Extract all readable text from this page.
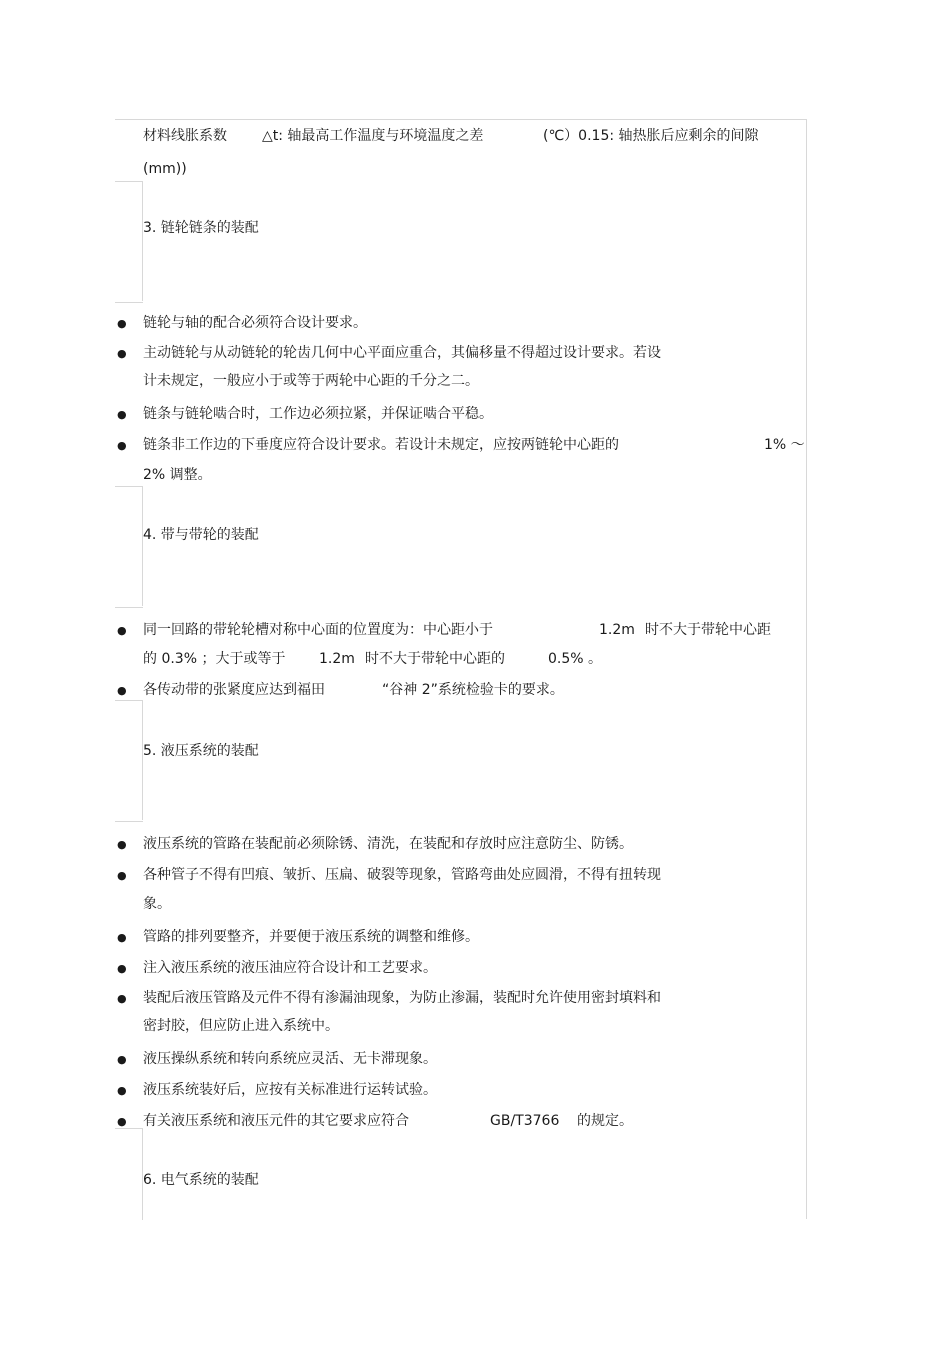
材料线胀系数	△t: 轴最高工作温度与环境温度之差	(℃）0.15: 轴热胀后应剩余的间隙
(mm))
3. 链轮链条的装配
● 链轮与轴的配合必须符合设计要求。
● 主动链轮与从动链轮的轮齿几何中心平面应重合，其偏移量不得超过设计要求。若设
计未规定，一般应小于或等于两轮中心距的千分之二。
● 链条与链轮啮合时，工作边必须拉紧，并保证啮合平稳。
● 链条非工作边的下垂度应符合设计要求。若设计未规定，应按两链轮中心距的	1% ～
2% 调整。
4. 带与带轮的装配
● 同一回路的带轮轮槽对称中心面的位置度为：中心距小于	1.2m 时不大于带轮中心距
的 0.3% ；大于或等于 1.2m 时不大于带轮中心距的	0.5% 。
● 各传动带的张紧度应达到福田	“谷神 2”系统检验卡的要求。
5. 液压系统的装配
● 液压系统的管路在装配前必须除锈、清洗，在装配和存放时应注意防尘、防锈。
● 各种管子不得有凹痕、皱折、压扁、破裂等现象，管路弯曲处应圆滑，不得有扭转现
象。
● 管路的排列要整齐，并要便于液压系统的调整和维修。
● 注入液压系统的液压油应符合设计和工艺要求。
● 装配后液压管路及元件不得有渗漏油现象，为防止渗漏，装配时允许使用密封填料和
密封胶，但应防止进入系统中。
● 液压操纵系统和转向系统应灵活、无卡滞现象。
● 液压系统装好后，应按有关标准进行运转试验。
● 有关液压系统和液压元件的其它要求应符合	GB/T3766 的规定。
6. 电气系统的装配
